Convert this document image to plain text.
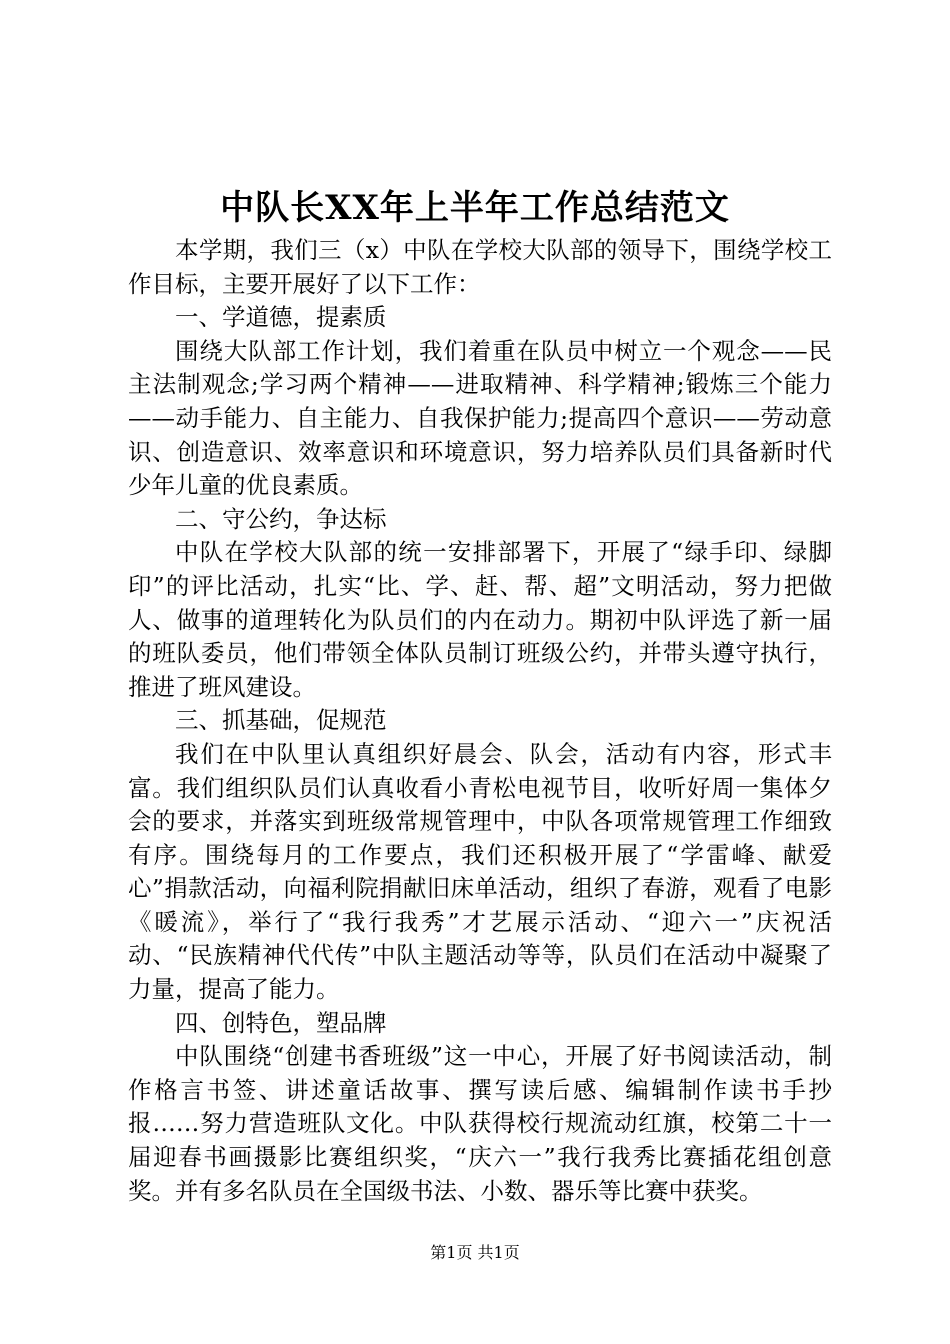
中队长XX年上半年工作总结范文

本学期，我们三（x）中队在学校大队部的领导下，围绕学校工作目标，主要开展好了以下工作：

一、学道德，提素质

围绕大队部工作计划，我们着重在队员中树立一个观念——民主法制观念;学习两个精神——进取精神、科学精神;锻炼三个能力——动手能力、自主能力、自我保护能力;提高四个意识——劳动意识、创造意识、效率意识和环境意识，努力培养队员们具备新时代少年儿童的优良素质。

二、守公约，争达标

中队在学校大队部的统一安排部署下，开展了“绿手印、绿脚印”的评比活动，扎实“比、学、赶、帮、超”文明活动，努力把做人、做事的道理转化为队员们的内在动力。期初中队评选了新一届的班队委员，他们带领全体队员制订班级公约，并带头遵守执行，推进了班风建设。

三、抓基础，促规范

我们在中队里认真组织好晨会、队会，活动有内容，形式丰富。我们组织队员们认真收看小青松电视节目，收听好周一集体夕会的要求，并落实到班级常规管理中，中队各项常规管理工作细致有序。围绕每月的工作要点，我们还积极开展了“学雷峰、献爱心”捐款活动，向福利院捐献旧床单活动，组织了春游，观看了电影《暖流》，举行了“我行我秀”才艺展示活动、“迎六一”庆祝活动、“民族精神代代传”中队主题活动等等，队员们在活动中凝聚了力量，提高了能力。

四、创特色，塑品牌

中队围绕“创建书香班级”这一中心，开展了好书阅读活动，制作格言书签、讲述童话故事、撰写读后感、编辑制作读书手抄报……努力营造班队文化。中队获得校行规流动红旗，校第二十一届迎春书画摄影比赛组织奖，“庆六一”我行我秀比赛插花组创意奖。并有多名队员在全国级书法、小数、器乐等比赛中获奖。

第1页 共1页
